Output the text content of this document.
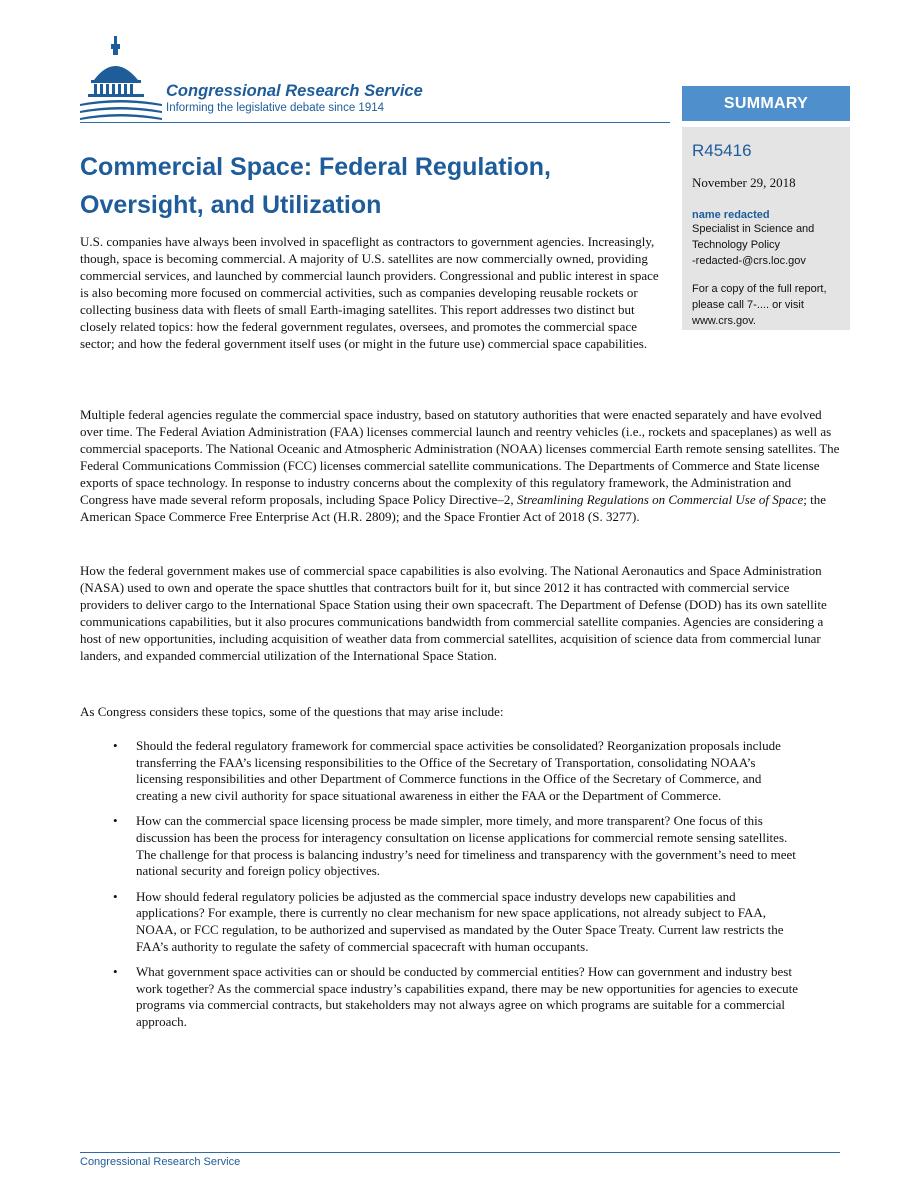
Congressional Research Service
Informing the legislative debate since 1914	SUMMARY
R45416
November 29, 2018
name redacted
Specialist in Science and
Technology Policy
-redacted-@crs.loc.gov
For a copy of the full report, please call 7-.... or visit www.crs.gov.
Commercial Space: Federal Regulation, Oversight, and Utilization

U.S. companies have always been involved in spaceflight as contractors to government agencies. Increasingly, though, space is becoming commercial. A majority of U.S. satellites are now commercially owned, providing commercial services, and launched by commercial launch providers. Congressional and public interest in space is also becoming more focused on commercial activities, such as companies developing reusable rockets or collecting business data with fleets of small Earth-imaging satellites. This report addresses two distinct but closely related topics: how the federal government regulates, oversees, and promotes the commercial space sector; and how the federal government itself uses (or might in the future use) commercial space capabilities.

Multiple federal agencies regulate the commercial space industry, based on statutory authorities that were enacted separately and have evolved over time. The Federal Aviation Administration (FAA) licenses commercial launch and reentry vehicles (i.e., rockets and spaceplanes) as well as commercial spaceports. The National Oceanic and Atmospheric Administration (NOAA) licenses commercial Earth remote sensing satellites. The Federal Communications Commission (FCC) licenses commercial satellite communications. The Departments of Commerce and State license exports of space technology. In response to industry concerns about the complexity of this regulatory framework, the Administration and Congress have made several reform proposals, including Space Policy Directive–2, Streamlining Regulations on Commercial Use of Space; the American Space Commerce Free Enterprise Act (H.R. 2809); and the Space Frontier Act of 2018 (S. 3277).

How the federal government makes use of commercial space capabilities is also evolving. The National Aeronautics and Space Administration (NASA) used to own and operate the space shuttles that contractors built for it, but since 2012 it has contracted with commercial service providers to deliver cargo to the International Space Station using their own spacecraft. The Department of Defense (DOD) has its own satellite communications capabilities, but it also procures communications bandwidth from commercial satellite companies. Agencies are considering a host of new opportunities, including acquisition of weather data from commercial satellites, acquisition of science data from commercial lunar landers, and expanded commercial utilization of the International Space Station.

As Congress considers these topics, some of the questions that may arise include:

• Should the federal regulatory framework for commercial space activities be consolidated? Reorganization proposals include transferring the FAA’s licensing responsibilities to the Office of the Secretary of Transportation, consolidating NOAA’s licensing responsibilities and other Department of Commerce functions in the Office of the Secretary of Commerce, and creating a new civil authority for space situational awareness in either the FAA or the Department of Commerce.
• How can the commercial space licensing process be made simpler, more timely, and more transparent? One focus of this discussion has been the process for interagency consultation on license applications for commercial remote sensing satellites. The challenge for that process is balancing industry’s need for timeliness and transparency with the government’s need to meet national security and foreign policy objectives.
• How should federal regulatory policies be adjusted as the commercial space industry develops new capabilities and applications? For example, there is currently no clear mechanism for new space applications, not already subject to FAA, NOAA, or FCC regulation, to be authorized and supervised as mandated by the Outer Space Treaty. Current law restricts the FAA’s authority to regulate the safety of commercial spacecraft with human occupants.
• What government space activities can or should be conducted by commercial entities? How can government and industry best work together? As the commercial space industry’s capabilities expand, there may be new opportunities for agencies to execute programs via commercial contracts, but stakeholders may not always agree on which programs are suitable for a commercial approach.
Congressional Research Service
